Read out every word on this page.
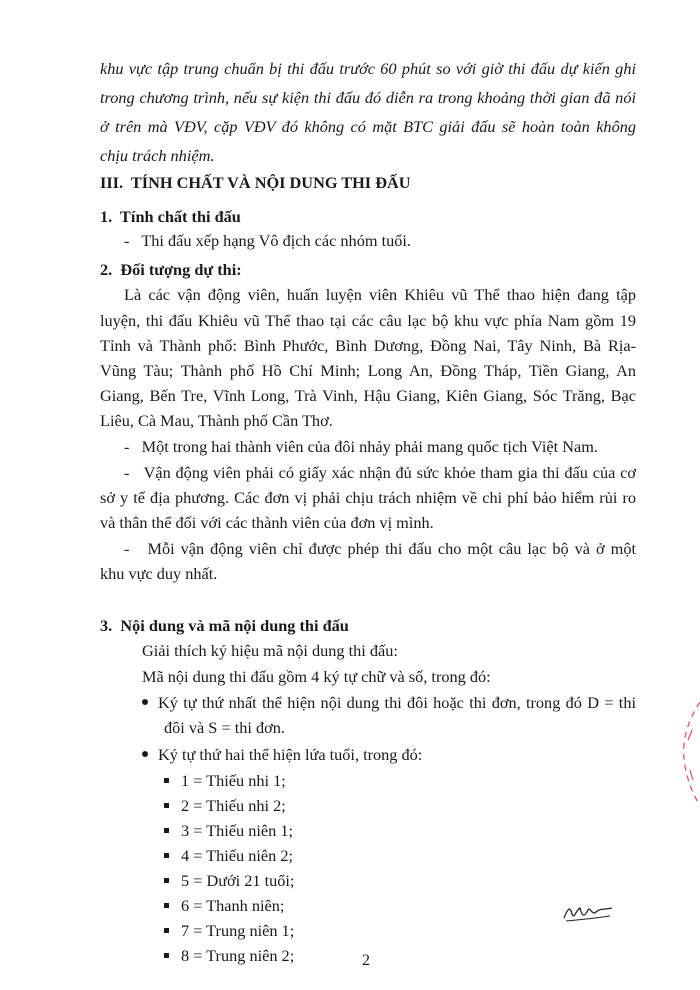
khu vực tập trung chuẩn bị thi đấu trước 60 phút so với giờ thi đấu dự kiến ghi
trong chương trình, nếu sự kiện thi đấu đó diễn ra trong khoảng thời gian đã nói
ở trên mà VĐV, cặp VĐV đó không có mặt BTC giải đấu sẽ hoàn toàn không
chịu trách nhiệm.
III.  TÍNH CHẤT VÀ NỘI DUNG THI ĐẤU
1.  Tính chất thi đấu
-   Thi đấu xếp hạng Vô địch các nhóm tuổi.
2.  Đối tượng dự thi:
Là các vận động viên, huấn luyện viên Khiêu vũ Thể thao hiện đang tập
luyện, thi đấu Khiêu vũ Thể thao tại các câu lạc bộ khu vực phía Nam gồm 19
Tỉnh và Thành phố: Bình Phước, Bình Dương, Đồng Nai, Tây Ninh, Bà Rịa-
Vũng Tàu; Thành phố Hồ Chí Minh; Long An, Đồng Tháp, Tiền Giang, An
Giang, Bến Tre, Vĩnh Long, Trà Vinh, Hậu Giang, Kiên Giang, Sóc Trăng, Bạc
Liêu, Cà Mau, Thành phố Cần Thơ.
-   Một trong hai thành viên của đôi nhảy phải mang quốc tịch Việt Nam.
-   Vận động viên phải có giấy xác nhận đủ sức khỏe tham gia thi đấu của cơ
sở y tế địa phương. Các đơn vị phải chịu trách nhiệm về chi phí bảo hiểm rủi ro
và thân thể đối với các thành viên của đơn vị mình.
-   Mỗi vận động viên chỉ được phép thi đấu cho một câu lạc bộ và ở một
khu vực duy nhất.
3.  Nội dung và mã nội dung thi đấu
Giải thích ký hiệu mã nội dung thi đấu:
Mã nội dung thi đấu gồm 4 ký tự chữ và số, trong đó:
Ký tự thứ nhất thể hiện nội dung thi đôi hoặc thi đơn, trong đó D = thi
đôi và S = thi đơn.
Ký tự thứ hai thể hiện lứa tuổi, trong đó:
1 = Thiếu nhi 1;
2 = Thiếu nhi 2;
3 = Thiếu niên 1;
4 = Thiếu niên 2;
5 = Dưới 21 tuổi;
6 = Thanh niên;
7 = Trung niên 1;
8 = Trung niên 2;	2
